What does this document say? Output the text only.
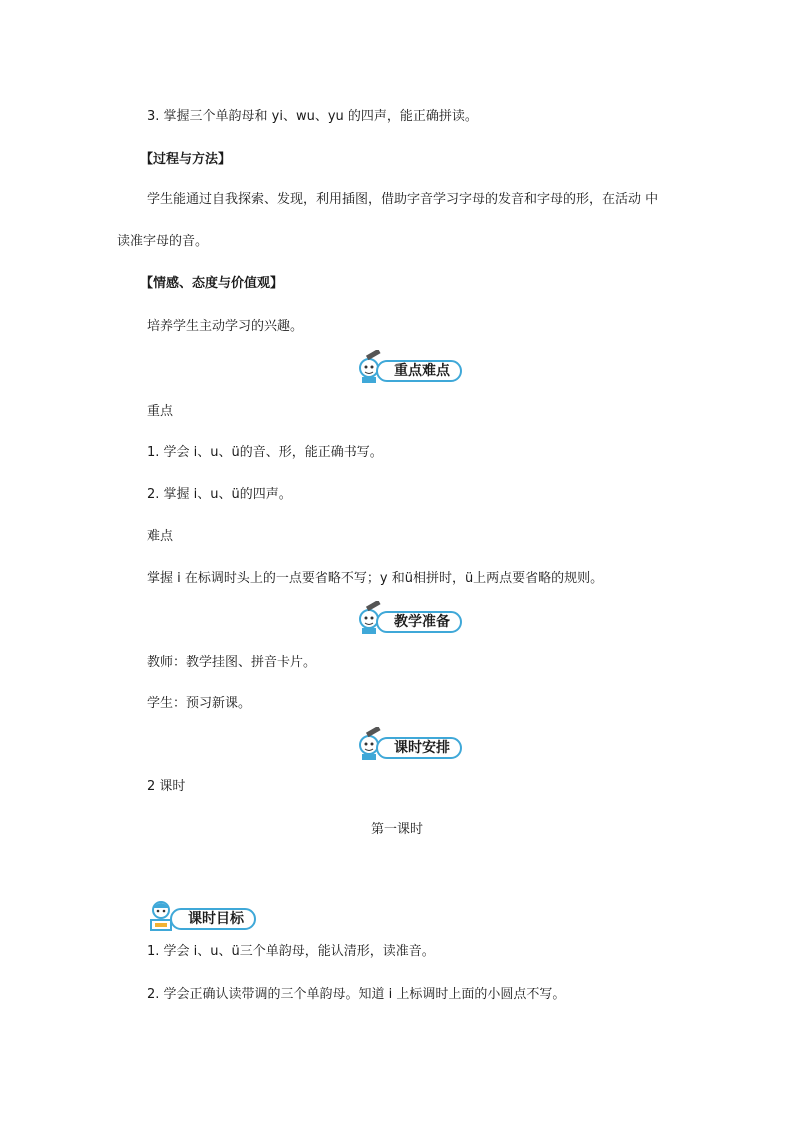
3. 掌握三个单韵母和 yi、wu、yu 的四声，能正确拼读。
【过程与方法】
学生能通过自我探索、发现，利用插图，借助字音学习字母的发音和字母的形，在活动 中
读准字母的音。
【情感、态度与价值观】
培养学生主动学习的兴趣。
重点难点
重点
1. 学会 i、u、ü的音、形，能正确书写。
2. 掌握 i、u、ü的四声。
难点
掌握 i 在标调时头上的一点要省略不写；y 和ü相拼时，ü上两点要省略的规则。
教学准备
教师：教学挂图、拼音卡片。
学生：预习新课。
课时安排
2 课时
第一课时
课时目标
1. 学会 i、u、ü三个单韵母，能认清形，读准音。
2. 学会正确认读带调的三个单韵母。知道 i 上标调时上面的小圆点不写。
